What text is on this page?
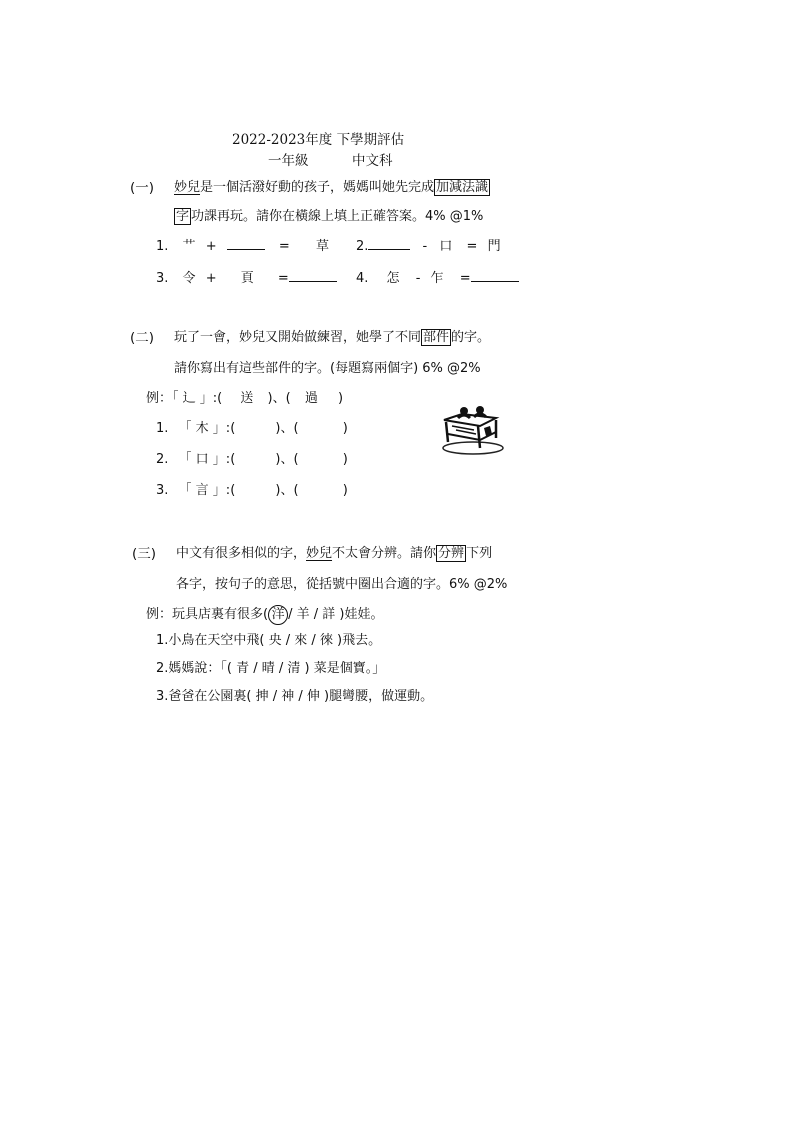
2022-2023年度 下學期評估
一年級	中文科
(一) 妙兒是一個活潑好動的孩子，媽媽叫她先完成 加減法識
字 功課再玩。請你在橫線上填上正確答案。4% @1%
1. 艹 +	= 草 2.	- 口 = 門
3. 令 + 頁 =	4. 怎 - 乍 =
(二) 玩了一會，妙兒又開始做練習，她學了不同 部件 的字。
請你寫出有這些部件的字。(每題寫兩個字) 6% @2%
例：「 辶 」:( 送 )、( 過 )
1. 「 木 」:(	)、(	)
2. 「 口 」:(	)、(	)
3. 「 言 」:(	)、(	)
(三) 中文有很多相似的字，妙兒不太會分辨。請你 分辨 下列
各字，按句子的意思，從括號中圈出合適的字。6% @2%
例：玩具店裏有很多( 洋 / 羊 / 詳 )娃娃。
1.小鳥在天空中飛( 央 / 來 / 徠 )飛去。
2.媽媽說：「( 青 / 晴 / 清 ) 菜是個寶。」
3.爸爸在公園裏( 抻 / 神 / 伸 )腿彎腰，做運動。
